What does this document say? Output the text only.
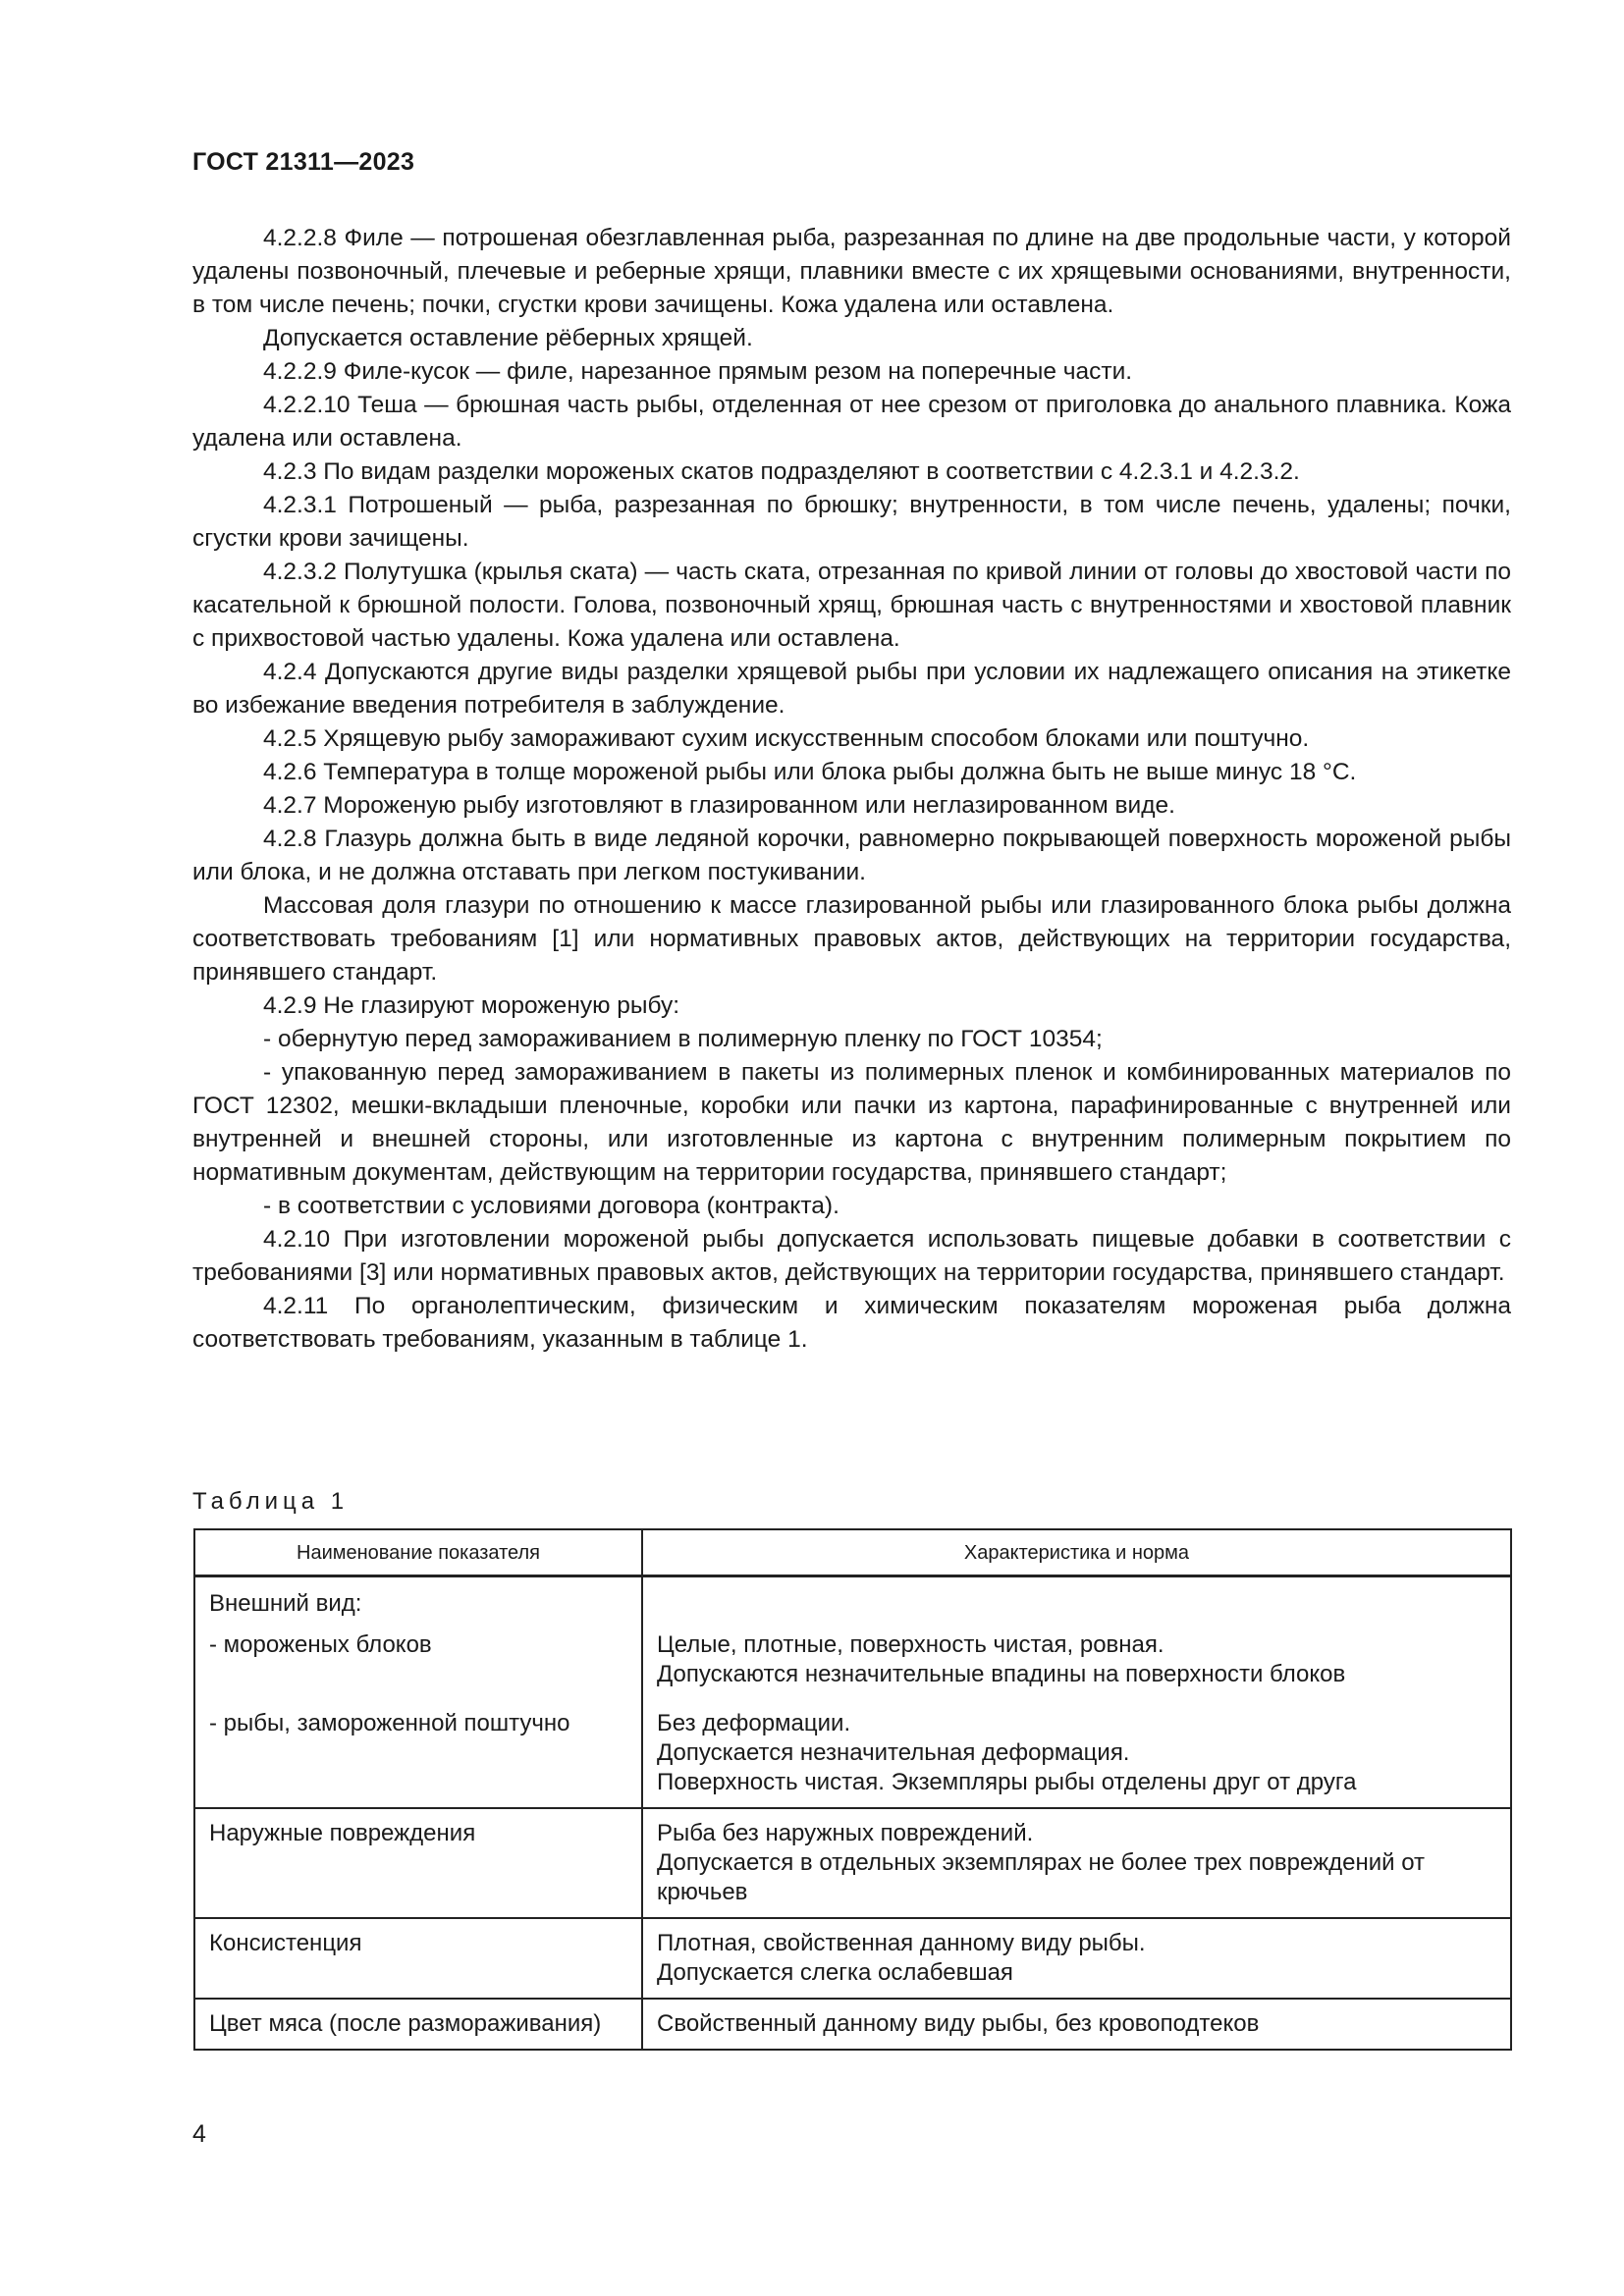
ГОСТ 21311—2023

4.2.2.8 Филе — потрошеная обезглавленная рыба, разрезанная по длине на две продольные части, у которой удалены позвоночный, плечевые и реберные хрящи, плавники вместе с их хрящевыми основаниями, внутренности, в том числе печень; почки, сгустки крови зачищены. Кожа удалена или оставлена.

Допускается оставление рёберных хрящей.

4.2.2.9 Филе-кусок — филе, нарезанное прямым резом на поперечные части.

4.2.2.10 Теша — брюшная часть рыбы, отделенная от нее срезом от приголовка до анального плавника. Кожа удалена или оставлена.

4.2.3 По видам разделки мороженых скатов подразделяют в соответствии с 4.2.3.1 и 4.2.3.2.

4.2.3.1 Потрошеный — рыба, разрезанная по брюшку; внутренности, в том числе печень, удалены; почки, сгустки крови зачищены.

4.2.3.2 Полутушка (крылья ската) — часть ската, отрезанная по кривой линии от головы до хвостовой части по касательной к брюшной полости. Голова, позвоночный хрящ, брюшная часть с внутренностями и хвостовой плавник с прихвостовой частью удалены. Кожа удалена или оставлена.

4.2.4 Допускаются другие виды разделки хрящевой рыбы при условии их надлежащего описания на этикетке во избежание введения потребителя в заблуждение.

4.2.5 Хрящевую рыбу замораживают сухим искусственным способом блоками или поштучно.

4.2.6 Температура в толще мороженой рыбы или блока рыбы должна быть не выше минус 18 °С.

4.2.7 Мороженую рыбу изготовляют в глазированном или неглазированном виде.

4.2.8 Глазурь должна быть в виде ледяной корочки, равномерно покрывающей поверхность мороженой рыбы или блока, и не должна отставать при легком постукивании.

Массовая доля глазури по отношению к массе глазированной рыбы или глазированного блока рыбы должна соответствовать требованиям [1] или нормативных правовых актов, действующих на территории государства, принявшего стандарт.

4.2.9 Не глазируют мороженую рыбу:

- обернутую перед замораживанием в полимерную пленку по ГОСТ 10354;

- упакованную перед замораживанием в пакеты из полимерных пленок и комбинированных материалов по ГОСТ 12302, мешки-вкладыши пленочные, коробки или пачки из картона, парафинированные с внутренней или внутренней и внешней стороны, или изготовленные из картона с внутренним полимерным покрытием по нормативным документам, действующим на территории государства, принявшего стандарт;

- в соответствии с условиями договора (контракта).

4.2.10 При изготовлении мороженой рыбы допускается использовать пищевые добавки в соответствии с требованиями [3] или нормативных правовых актов, действующих на территории государства, принявшего стандарт.

4.2.11 По органолептическим, физическим и химическим показателям мороженая рыба должна соответствовать требованиям, указанным в таблице 1.

Таблица 1
Наименование показателя	Характеристика и норма

Внешний вид:	
- мороженых блоков	Целые, плотные, поверхность чистая, ровная.
Допускаются незначительные впадины на поверхности блоков

- рыбы, замороженной поштучно	Без деформации.
Допускается незначительная деформация.
Поверхность чистая. Экземпляры рыбы отделены друг от друга

Наружные повреждения	Рыба без наружных повреждений.
Допускается в отдельных экземплярах не более трех повреждений от крючьев

Консистенция	Плотная, свойственная данному виду рыбы.
Допускается слегка ослабевшая

Цвет мяса (после размораживания)	Свойственный данному виду рыбы, без кровоподтеков
4
